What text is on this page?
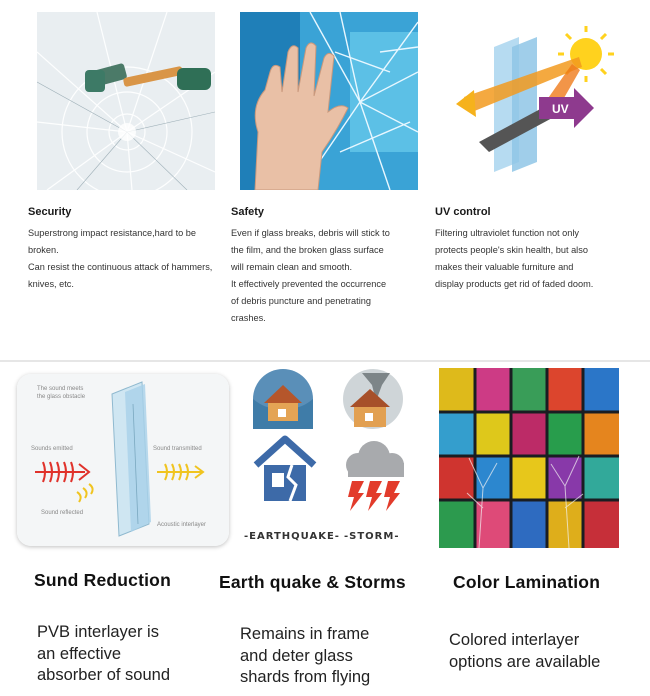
UV
Security
Superstrong impact resistance,hard to be
broken.
Can resist the continuous attack of hammers,
knives, etc.
Safety
Even if glass breaks, debris will stick to
the film, and the broken glass surface
will remain clean and smooth.
It effectively prevented the occurrence
of debris puncture and penetrating
crashes.
UV control
Filtering ultraviolet function not only
protects people's skin health, but also
makes their valuable furniture and
display products get rid of faded doom.
The sound meets
the glass obstacle
Sounds emitted	Sound transmitted
Sound reflected
Acoustic interlayer
-EARTHQUAKE- -STORM-
Sund Reduction
PVB interlayer is
an effective
absorber of sound
Earth quake & Storms
Remains in frame
and deter glass
shards from flying
Color Lamination
Colored interlayer
options are available
